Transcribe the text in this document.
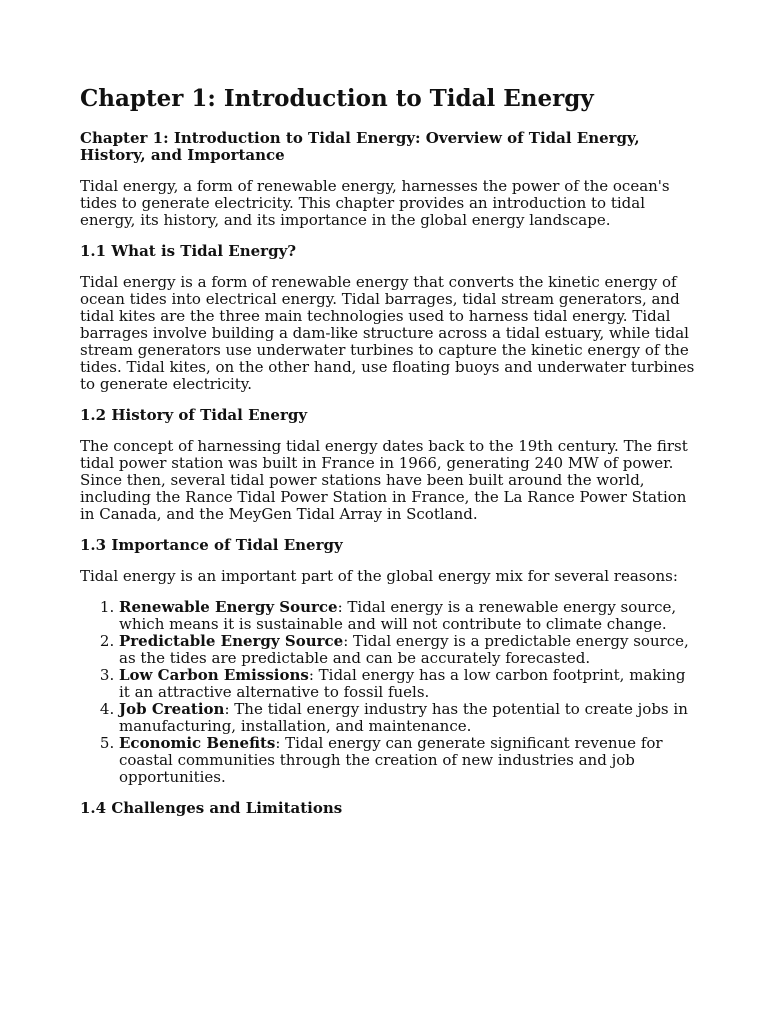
Chapter 1: Introduction to Tidal Energy
Chapter 1: Introduction to Tidal Energy: Overview of Tidal Energy, History, and Importance

Tidal energy, a form of renewable energy, harnesses the power of the ocean's tides to generate electricity. This chapter provides an introduction to tidal energy, its history, and its importance in the global energy landscape.

1.1 What is Tidal Energy?

Tidal energy is a form of renewable energy that converts the kinetic energy of ocean tides into electrical energy. Tidal barrages, tidal stream generators, and tidal kites are the three main technologies used to harness tidal energy. Tidal barrages involve building a dam-like structure across a tidal estuary, while tidal stream generators use underwater turbines to capture the kinetic energy of the tides. Tidal kites, on the other hand, use floating buoys and underwater turbines to generate electricity.

1.2 History of Tidal Energy

The concept of harnessing tidal energy dates back to the 19th century. The first tidal power station was built in France in 1966, generating 240 MW of power. Since then, several tidal power stations have been built around the world, including the Rance Tidal Power Station in France, the La Rance Power Station in Canada, and the MeyGen Tidal Array in Scotland.

1.3 Importance of Tidal Energy

Tidal energy is an important part of the global energy mix for several reasons:

1. Renewable Energy Source: Tidal energy is a renewable energy source, which means it is sustainable and will not contribute to climate change.
2. Predictable Energy Source: Tidal energy is a predictable energy source, as the tides are predictable and can be accurately forecasted.
3. Low Carbon Emissions: Tidal energy has a low carbon footprint, making it an attractive alternative to fossil fuels.
4. Job Creation: The tidal energy industry has the potential to create jobs in manufacturing, installation, and maintenance.
5. Economic Benefits: Tidal energy can generate significant revenue for coastal communities through the creation of new industries and job opportunities.
1.4 Challenges and Limitations
